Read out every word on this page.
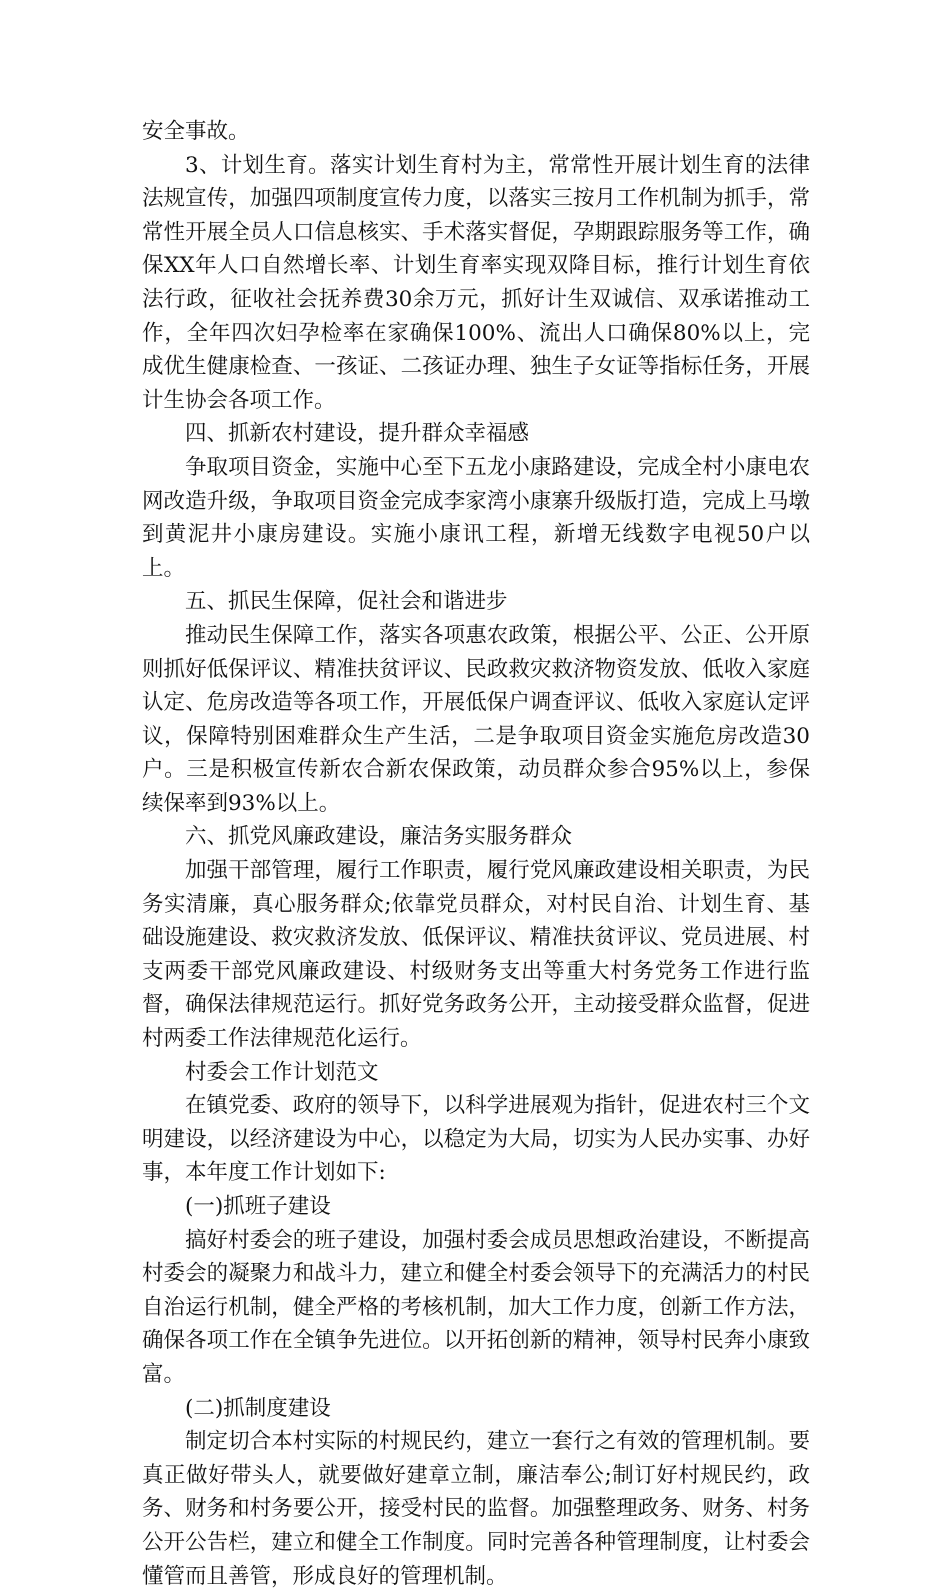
安全事故。

3、计划生育。落实计划生育村为主，常常性开展计划生育的法律法规宣传，加强四项制度宣传力度，以落实三按月工作机制为抓手，常常性开展全员人口信息核实、手术落实督促，孕期跟踪服务等工作，确保XX年人口自然增长率、计划生育率实现双降目标，推行计划生育依法行政，征收社会抚养费30余万元，抓好计生双诚信、双承诺推动工作，全年四次妇孕检率在家确保100%、流出人口确保80%以上，完成优生健康检查、一孩证、二孩证办理、独生子女证等指标任务，开展计生协会各项工作。

四、抓新农村建设，提升群众幸福感

争取项目资金，实施中心至下五龙小康路建设，完成全村小康电农网改造升级，争取项目资金完成李家湾小康寨升级版打造，完成上马墩到黄泥井小康房建设。实施小康讯工程，新增无线数字电视50户以上。

五、抓民生保障，促社会和谐进步

推动民生保障工作，落实各项惠农政策，根据公平、公正、公开原则抓好低保评议、精准扶贫评议、民政救灾救济物资发放、低收入家庭认定、危房改造等各项工作，开展低保户调查评议、低收入家庭认定评议，保障特别困难群众生产生活，二是争取项目资金实施危房改造30户。三是积极宣传新农合新农保政策，动员群众参合95%以上，参保续保率到93%以上。

六、抓党风廉政建设，廉洁务实服务群众

加强干部管理，履行工作职责，履行党风廉政建设相关职责，为民务实清廉，真心服务群众;依靠党员群众，对村民自治、计划生育、基础设施建设、救灾救济发放、低保评议、精准扶贫评议、党员进展、村支两委干部党风廉政建设、村级财务支出等重大村务党务工作进行监督，确保法律规范运行。抓好党务政务公开，主动接受群众监督，促进村两委工作法律规范化运行。

村委会工作计划范文

在镇党委、政府的领导下，以科学进展观为指针，促进农村三个文明建设，以经济建设为中心，以稳定为大局，切实为人民办实事、办好事，本年度工作计划如下:

(一)抓班子建设

搞好村委会的班子建设，加强村委会成员思想政治建设，不断提高村委会的凝聚力和战斗力，建立和健全村委会领导下的充满活力的村民自治运行机制，健全严格的考核机制，加大工作力度，创新工作方法，确保各项工作在全镇争先进位。以开拓创新的精神，领导村民奔小康致富。

(二)抓制度建设

制定切合本村实际的村规民约，建立一套行之有效的管理机制。要真正做好带头人，就要做好建章立制，廉洁奉公;制订好村规民约，政务、财务和村务要公开，接受村民的监督。加强整理政务、财务、村务公开公告栏，建立和健全工作制度。同时完善各种管理制度，让村委会懂管而且善管，形成良好的管理机制。
